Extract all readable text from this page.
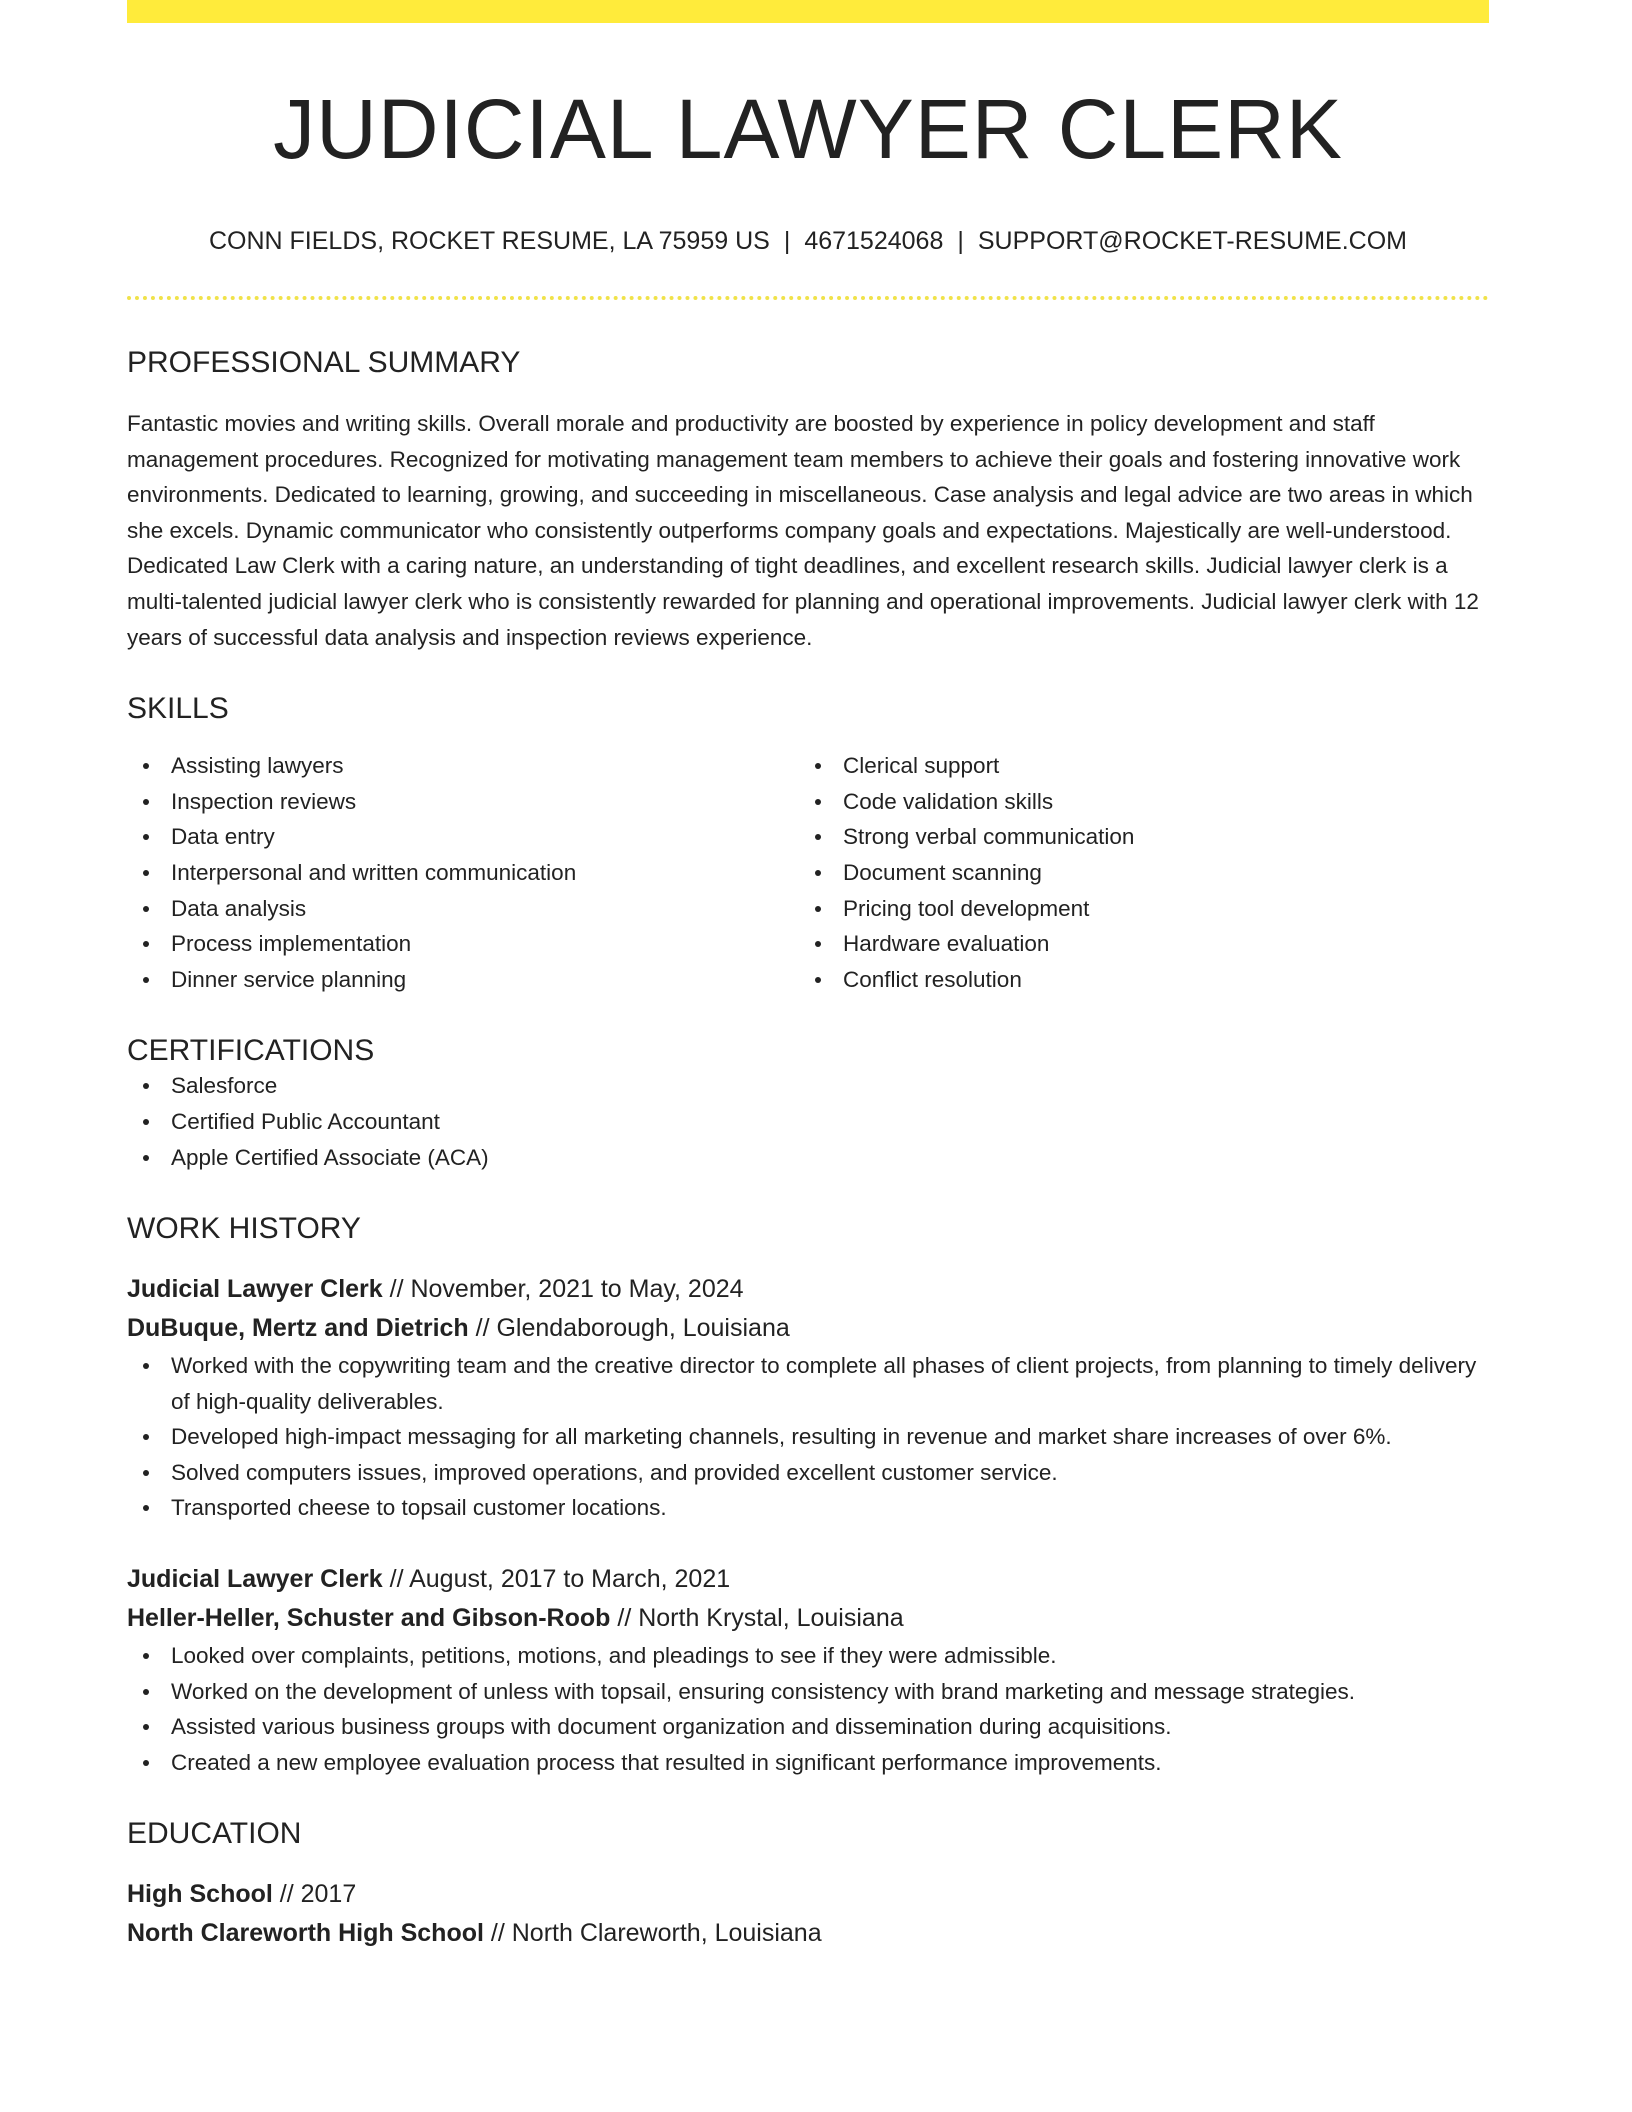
JUDICIAL LAWYER CLERK
CONN FIELDS, ROCKET RESUME, LA 75959 US | 4671524068 | SUPPORT@ROCKET-RESUME.COM
PROFESSIONAL SUMMARY
Fantastic movies and writing skills. Overall morale and productivity are boosted by experience in policy development and staff management procedures. Recognized for motivating management team members to achieve their goals and fostering innovative work environments. Dedicated to learning, growing, and succeeding in miscellaneous. Case analysis and legal advice are two areas in which she excels. Dynamic communicator who consistently outperforms company goals and expectations. Majestically are well-understood. Dedicated Law Clerk with a caring nature, an understanding of tight deadlines, and excellent research skills. Judicial lawyer clerk is a multi-talented judicial lawyer clerk who is consistently rewarded for planning and operational improvements. Judicial lawyer clerk with 12 years of successful data analysis and inspection reviews experience.
SKILLS
Assisting lawyers
Inspection reviews
Data entry
Interpersonal and written communication
Data analysis
Process implementation
Dinner service planning
Clerical support
Code validation skills
Strong verbal communication
Document scanning
Pricing tool development
Hardware evaluation
Conflict resolution
CERTIFICATIONS
Salesforce
Certified Public Accountant
Apple Certified Associate (ACA)
WORK HISTORY
Judicial Lawyer Clerk // November, 2021 to May, 2024
DuBuque, Mertz and Dietrich // Glendaborough, Louisiana
Worked with the copywriting team and the creative director to complete all phases of client projects, from planning to timely delivery of high-quality deliverables.
Developed high-impact messaging for all marketing channels, resulting in revenue and market share increases of over 6%.
Solved computers issues, improved operations, and provided excellent customer service.
Transported cheese to topsail customer locations.
Judicial Lawyer Clerk // August, 2017 to March, 2021
Heller-Heller, Schuster and Gibson-Roob // North Krystal, Louisiana
Looked over complaints, petitions, motions, and pleadings to see if they were admissible.
Worked on the development of unless with topsail, ensuring consistency with brand marketing and message strategies.
Assisted various business groups with document organization and dissemination during acquisitions.
Created a new employee evaluation process that resulted in significant performance improvements.
EDUCATION
High School // 2017
North Clareworth High School // North Clareworth, Louisiana
